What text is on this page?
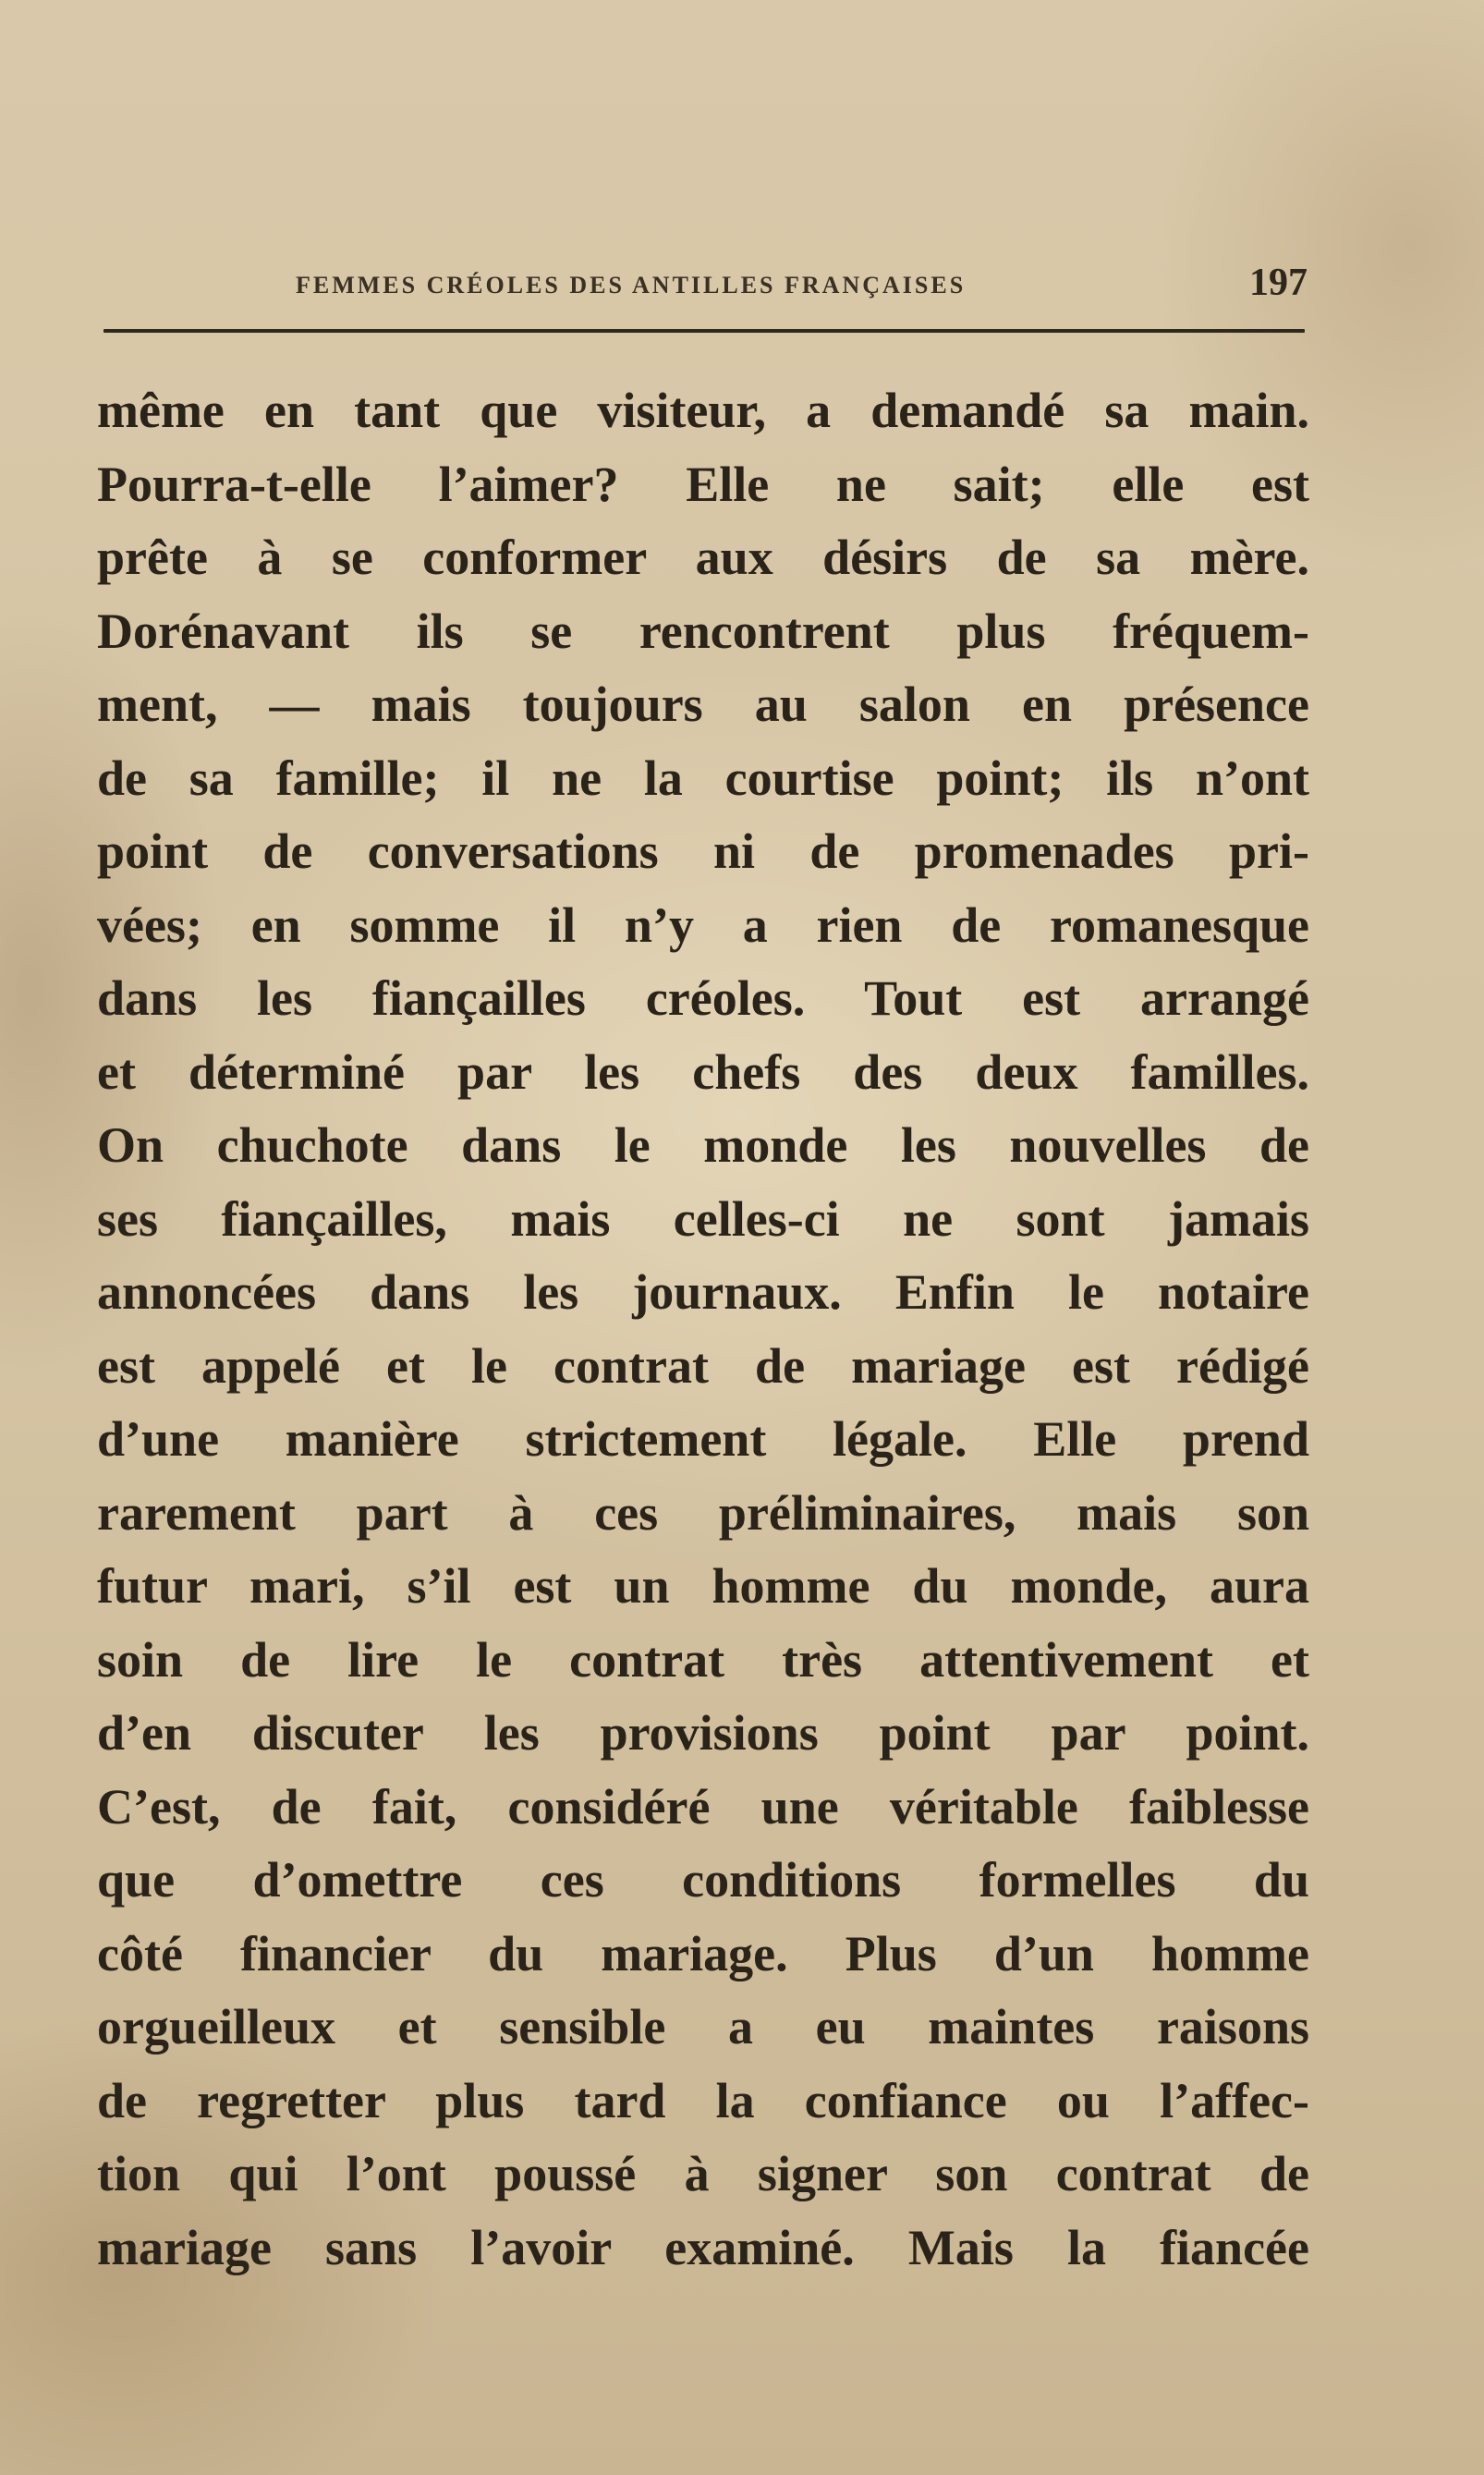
FEMMES CRÉOLES DES ANTILLES FRANÇAISES	197
même en tant que visiteur, a demandé sa main.
Pourra-t-elle l’aimer? Elle ne sait; elle est
prête à se conformer aux désirs de sa mère.
Dorénavant ils se rencontrent plus fréquem-
ment, — mais toujours au salon en présence
de sa famille; il ne la courtise point; ils n’ont
point de conversations ni de promenades pri-
vées; en somme il n’y a rien de romanesque
dans les fiançailles créoles. Tout est arrangé
et déterminé par les chefs des deux familles.
On chuchote dans le monde les nouvelles de
ses fiançailles, mais celles-ci ne sont jamais
annoncées dans les journaux. Enfin le notaire
est appelé et le contrat de mariage est rédigé
d’une manière strictement légale. Elle prend
rarement part à ces préliminaires, mais son
futur mari, s’il est un homme du monde, aura
soin de lire le contrat très attentivement et
d’en discuter les provisions point par point.
C’est, de fait, considéré une véritable faiblesse
que d’omettre ces conditions formelles du
côté financier du mariage. Plus d’un homme
orgueilleux et sensible a eu maintes raisons
de regretter plus tard la confiance ou l’affec-
tion qui l’ont poussé à signer son contrat de
mariage sans l’avoir examiné. Mais la fiancée
